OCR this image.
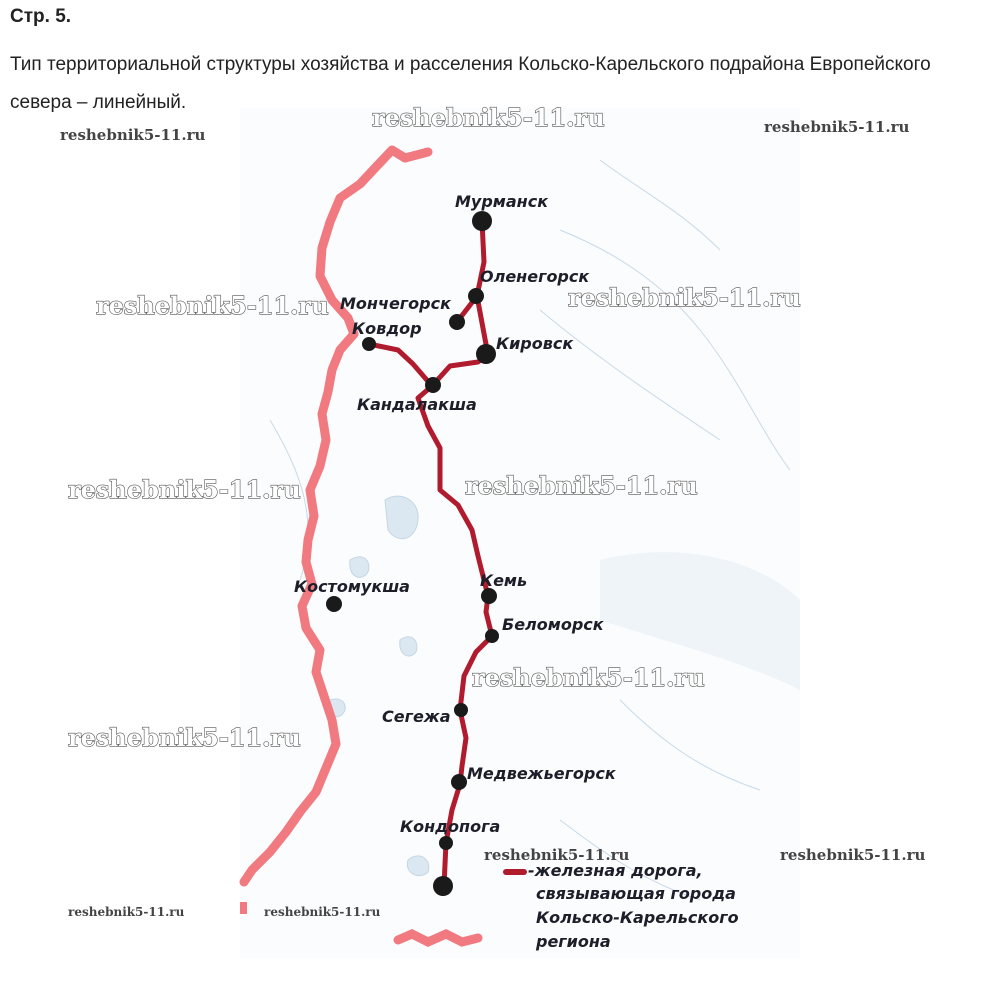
Стр. 5.
Тип территориальной структуры хозяйства и расселения Кольско-Карельского подрайона Европейского севера – линейный.
Мурманск
Оленегорск
Мончегорск
Ковдор
Кировск
Кандалакша
Кемь
Костомукша
Беломорск
Сегежа
Медвежьегорск
Кондопога
-железная дорога,
связывающая города
Кольско-Карельского
региона
reshebnik5-11.ru
reshebnik5-11.ru	reshebnik5-11.ru
reshebnik5-11.ru	reshebnik5-11.ru
reshebnik5-11.ru	reshebnik5-11.ru
reshebnik5-11.ru
reshebnik5-11.ru
reshebnik5-11.ru	reshebnik5-11.ru
reshebnik5-11.ru	reshebnik5-11.ru
